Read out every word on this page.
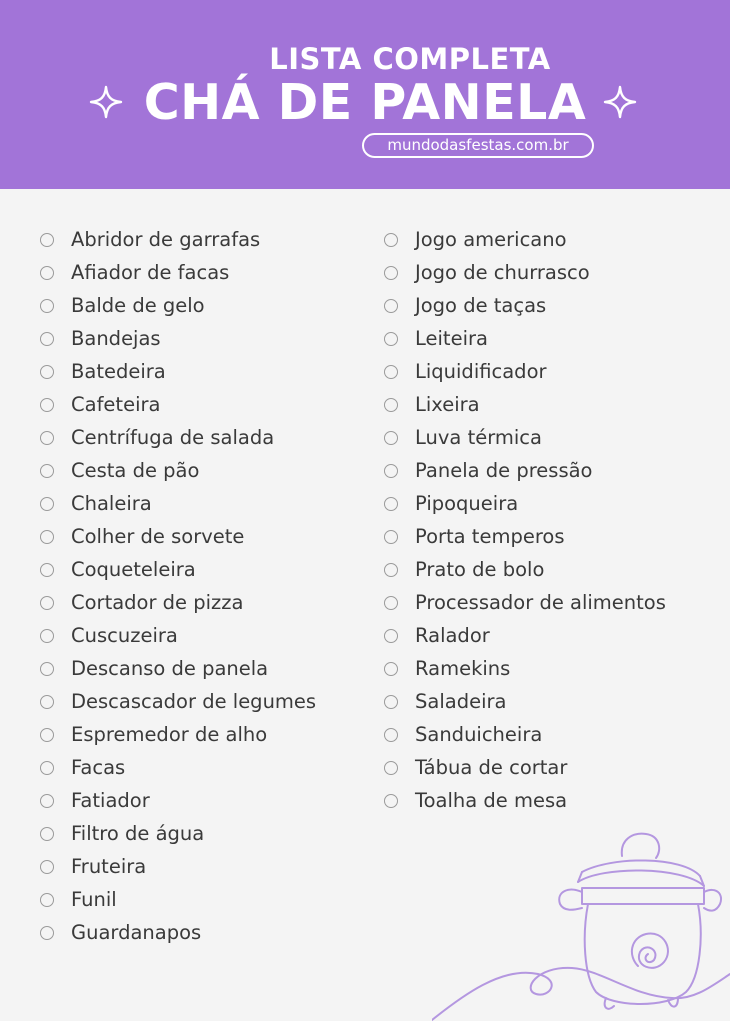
LISTA COMPLETA
CHÁ DE PANELA
mundodasfestas.com.br
Abridor de garrafas
Afiador de facas
Balde de gelo
Bandejas
Batedeira
Cafeteira
Centrífuga de salada
Cesta de pão
Chaleira
Colher de sorvete
Coqueteleira
Cortador de pizza
Cuscuzeira
Descanso de panela
Descascador de legumes
Espremedor de alho
Facas
Fatiador
Filtro de água
Fruteira
Funil
Guardanapos
Jogo americano
Jogo de churrasco
Jogo de taças
Leiteira
Liquidificador
Lixeira
Luva térmica
Panela de pressão
Pipoqueira
Porta temperos
Prato de bolo
Processador de alimentos
Ralador
Ramekins
Saladeira
Sanduicheira
Tábua de cortar
Toalha de mesa
